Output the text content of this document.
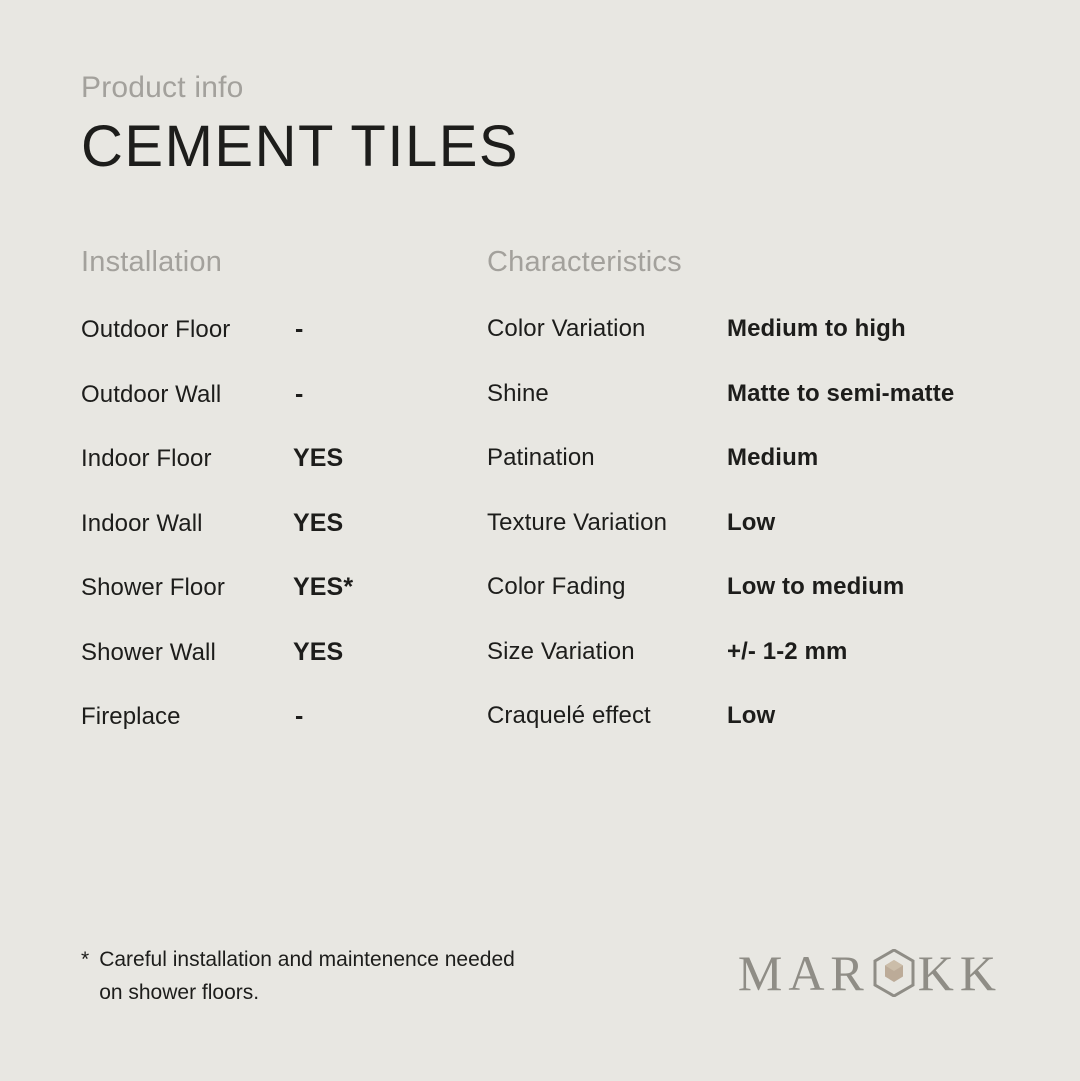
Product info
CEMENT TILES
Installation
Outdoor Floor	-
Outdoor Wall	-
Indoor Floor	YES
Indoor Wall	YES
Shower Floor	YES*
Shower Wall	YES
Fireplace	-
Characteristics
Color Variation	Medium to high
Shine	Matte to semi-matte
Patination	Medium
Texture Variation	Low
Color Fading	Low to medium
Size Variation	+/- 1-2 mm
Craquelé effect	Low
* Careful installation and maintenence needed on shower floors.	MAR KK
